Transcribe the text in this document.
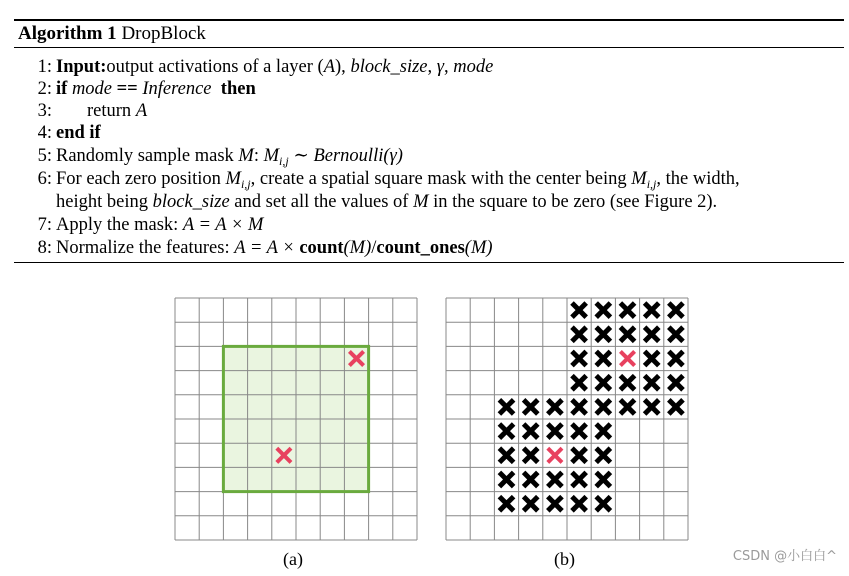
Algorithm 1 DropBlock
1: Input:output activations of a layer (A), block_size, γ, mode
2: if mode == Inference then
3: return A
4: end if
5: Randomly sample mask M: $M_{i,j}$ ∼ Bernoulli(γ)
6: For each zero position $M_{i,j}$, create a spatial square mask with the center being $M_{i,j}$, the width,
height being block_size and set all the values of M in the square to be zero (see Figure 2).
7: Apply the mask: A = A × M
8: Normalize the features: A = A × count(M)/count_ones(M)
(a)	(b)	CSDN @小白白^
